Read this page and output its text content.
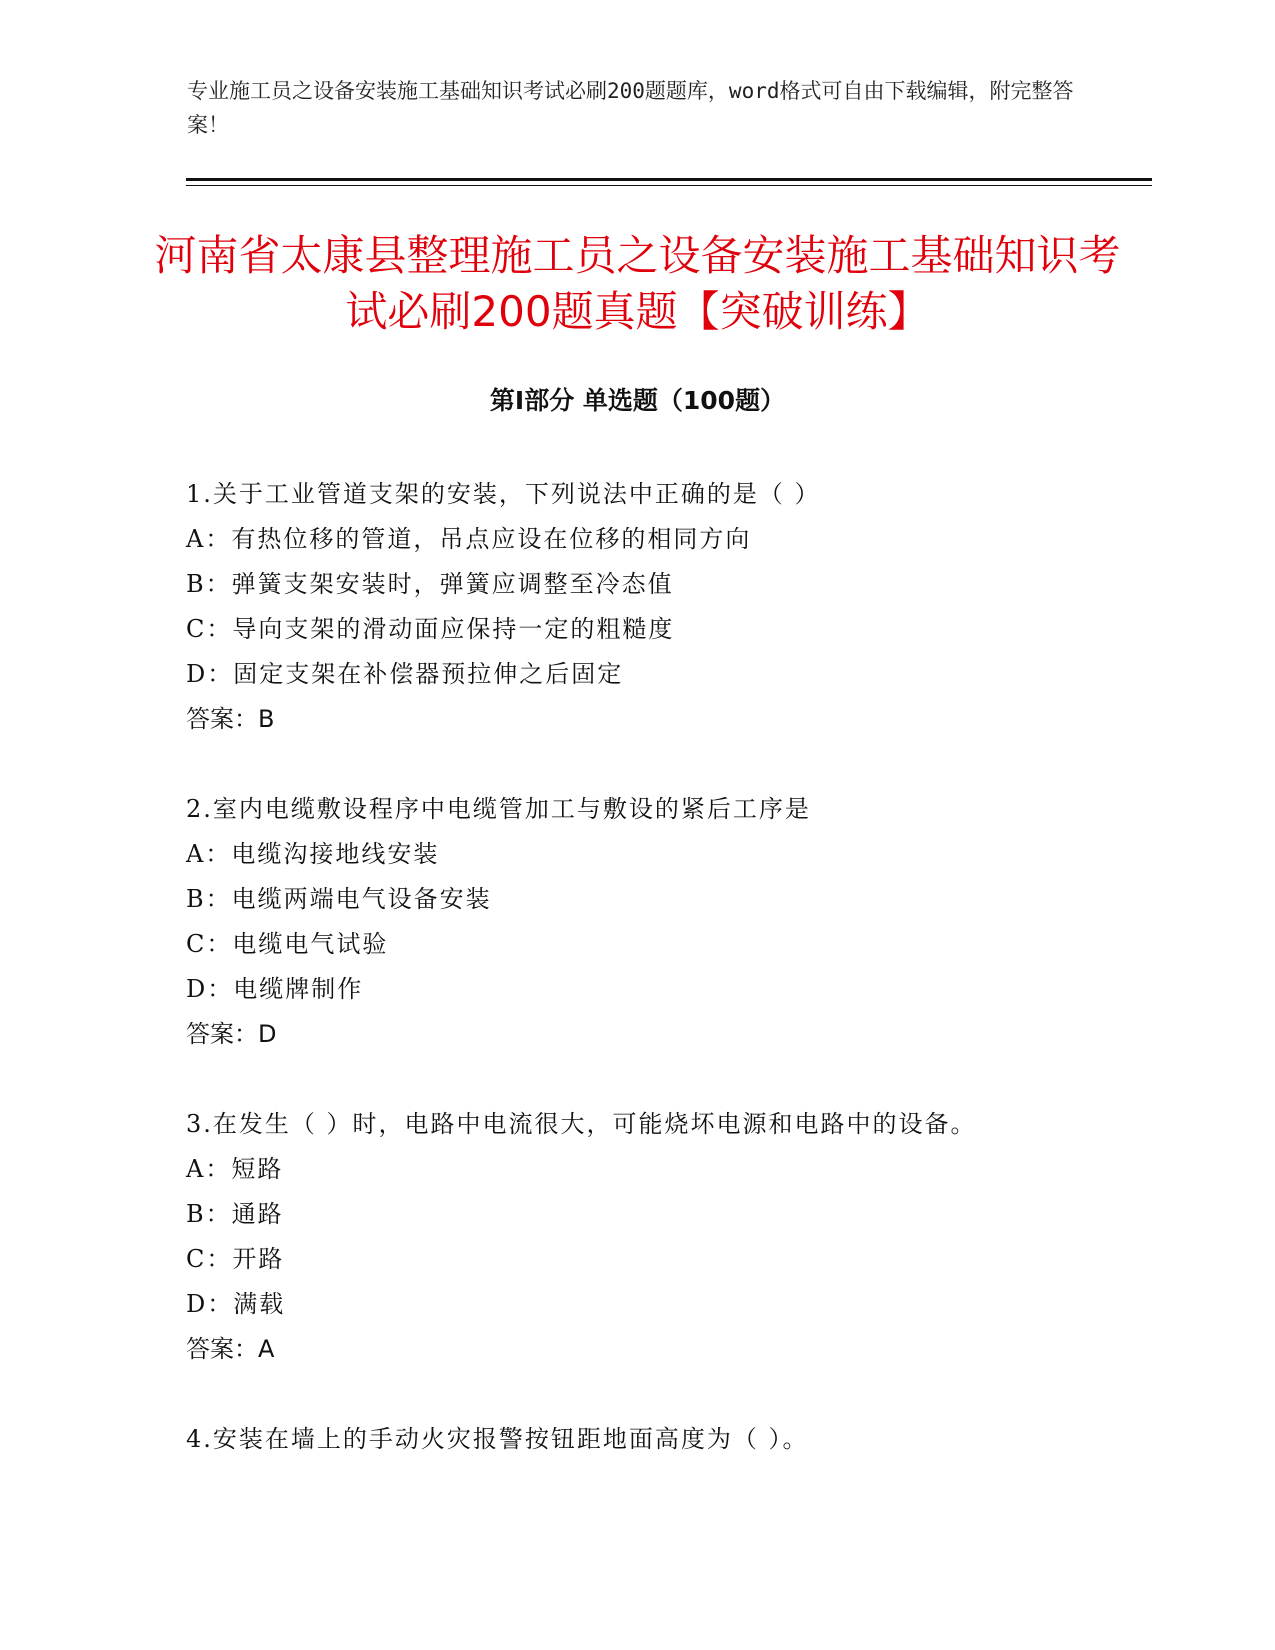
专业施工员之设备安装施工基础知识考试必刷200题题库，word格式可自由下载编辑，附完整答案！
河南省太康县整理施工员之设备安装施工基础知识考试必刷200题真题【突破训练】
第Ⅰ部分 单选题（100题）
1.关于工业管道支架的安装，下列说法中正确的是（ ）
A：有热位移的管道，吊点应设在位移的相同方向
B：弹簧支架安装时，弹簧应调整至冷态值
C：导向支架的滑动面应保持一定的粗糙度
D：固定支架在补偿器预拉伸之后固定
答案：B
2.室内电缆敷设程序中电缆管加工与敷设的紧后工序是
A：电缆沟接地线安装
B：电缆两端电气设备安装
C：电缆电气试验
D：电缆牌制作
答案：D
3.在发生（ ）时，电路中电流很大，可能烧坏电源和电路中的设备。
A：短路
B：通路
C：开路
D：满载
答案：A
4.安装在墙上的手动火灾报警按钮距地面高度为（ ）。
